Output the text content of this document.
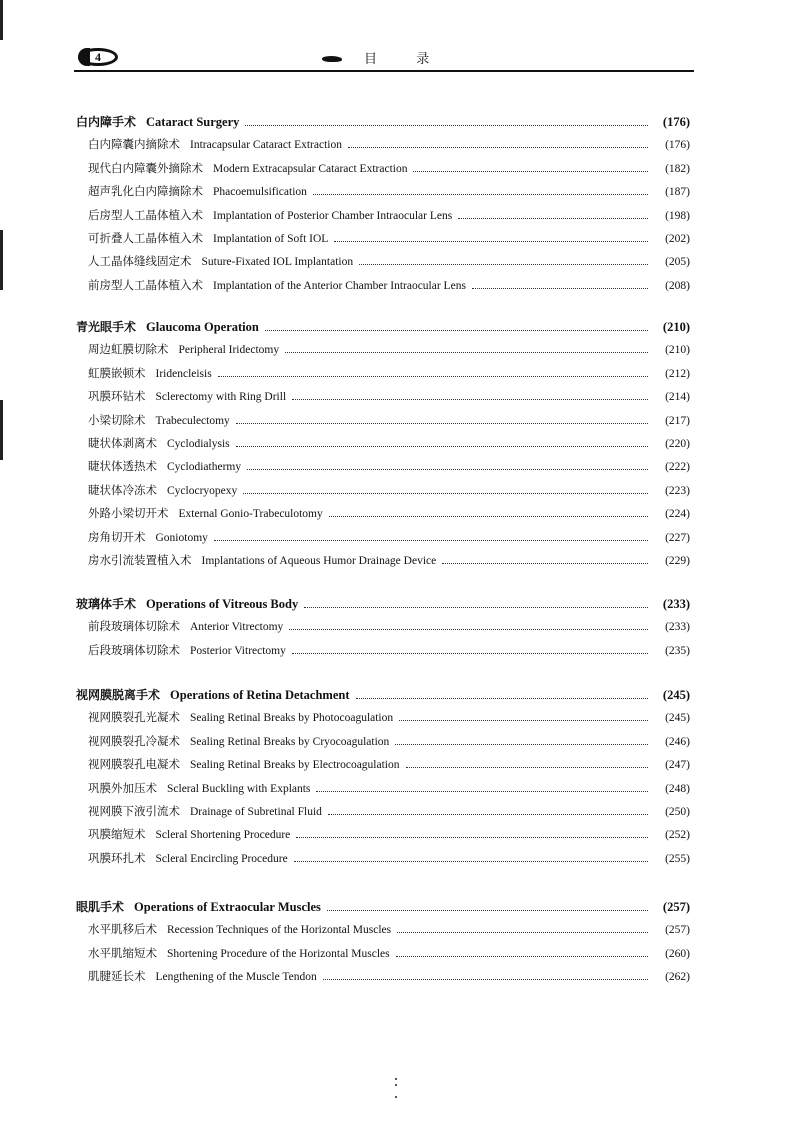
4	目 录
白内障手术 Cataract Surgery	(176)
白内障囊内摘除术 Intracapsular Cataract Extraction	(176)
现代白内障囊外摘除术 Modern Extracapsular Cataract Extraction	(182)
超声乳化白内障摘除术 Phacoemulsification	(187)
后房型人工晶体植入术 Implantation of Posterior Chamber Intraocular Lens	(198)
可折叠人工晶体植入术 Implantation of Soft IOL	(202)
人工晶体缝线固定术 Suture-Fixated IOL Implantation	(205)
前房型人工晶体植入术 Implantation of the Anterior Chamber Intraocular Lens	(208)
青光眼手术 Glaucoma Operation	(210)
周边虹膜切除术 Peripheral Iridectomy	(210)
虹膜嵌顿术 Iridencleisis	(212)
巩膜环钻术 Sclerectomy with Ring Drill	(214)
小梁切除术 Trabeculectomy	(217)
睫状体剥离术 Cyclodialysis	(220)
睫状体透热术 Cyclodiathermy	(222)
睫状体冷冻术 Cyclocryopexy	(223)
外路小梁切开术 External Gonio-Trabeculotomy	(224)
房角切开术 Goniotomy	(227)
房水引流装置植入术 Implantations of Aqueous Humor Drainage Device	(229)
玻璃体手术 Operations of Vitreous Body	(233)
前段玻璃体切除术 Anterior Vitrectomy	(233)
后段玻璃体切除术 Posterior Vitrectomy	(235)
视网膜脱离手术 Operations of Retina Detachment	(245)
视网膜裂孔光凝术 Sealing Retinal Breaks by Photocoagulation	(245)
视网膜裂孔冷凝术 Sealing Retinal Breaks by Cryocoagulation	(246)
视网膜裂孔电凝术 Sealing Retinal Breaks by Electrocoagulation	(247)
巩膜外加压术 Scleral Buckling with Explants	(248)
视网膜下液引流术 Drainage of Subretinal Fluid	(250)
巩膜缩短术 Scleral Shortening Procedure	(252)
巩膜环扎术 Scleral Encircling Procedure	(255)
眼肌手术 Operations of Extraocular Muscles	(257)
水平肌移后术 Recession Techniques of the Horizontal Muscles	(257)
水平肌缩短术 Shortening Procedure of the Horizontal Muscles	(260)
肌腱延长术 Lengthening of the Muscle Tendon	(262)
